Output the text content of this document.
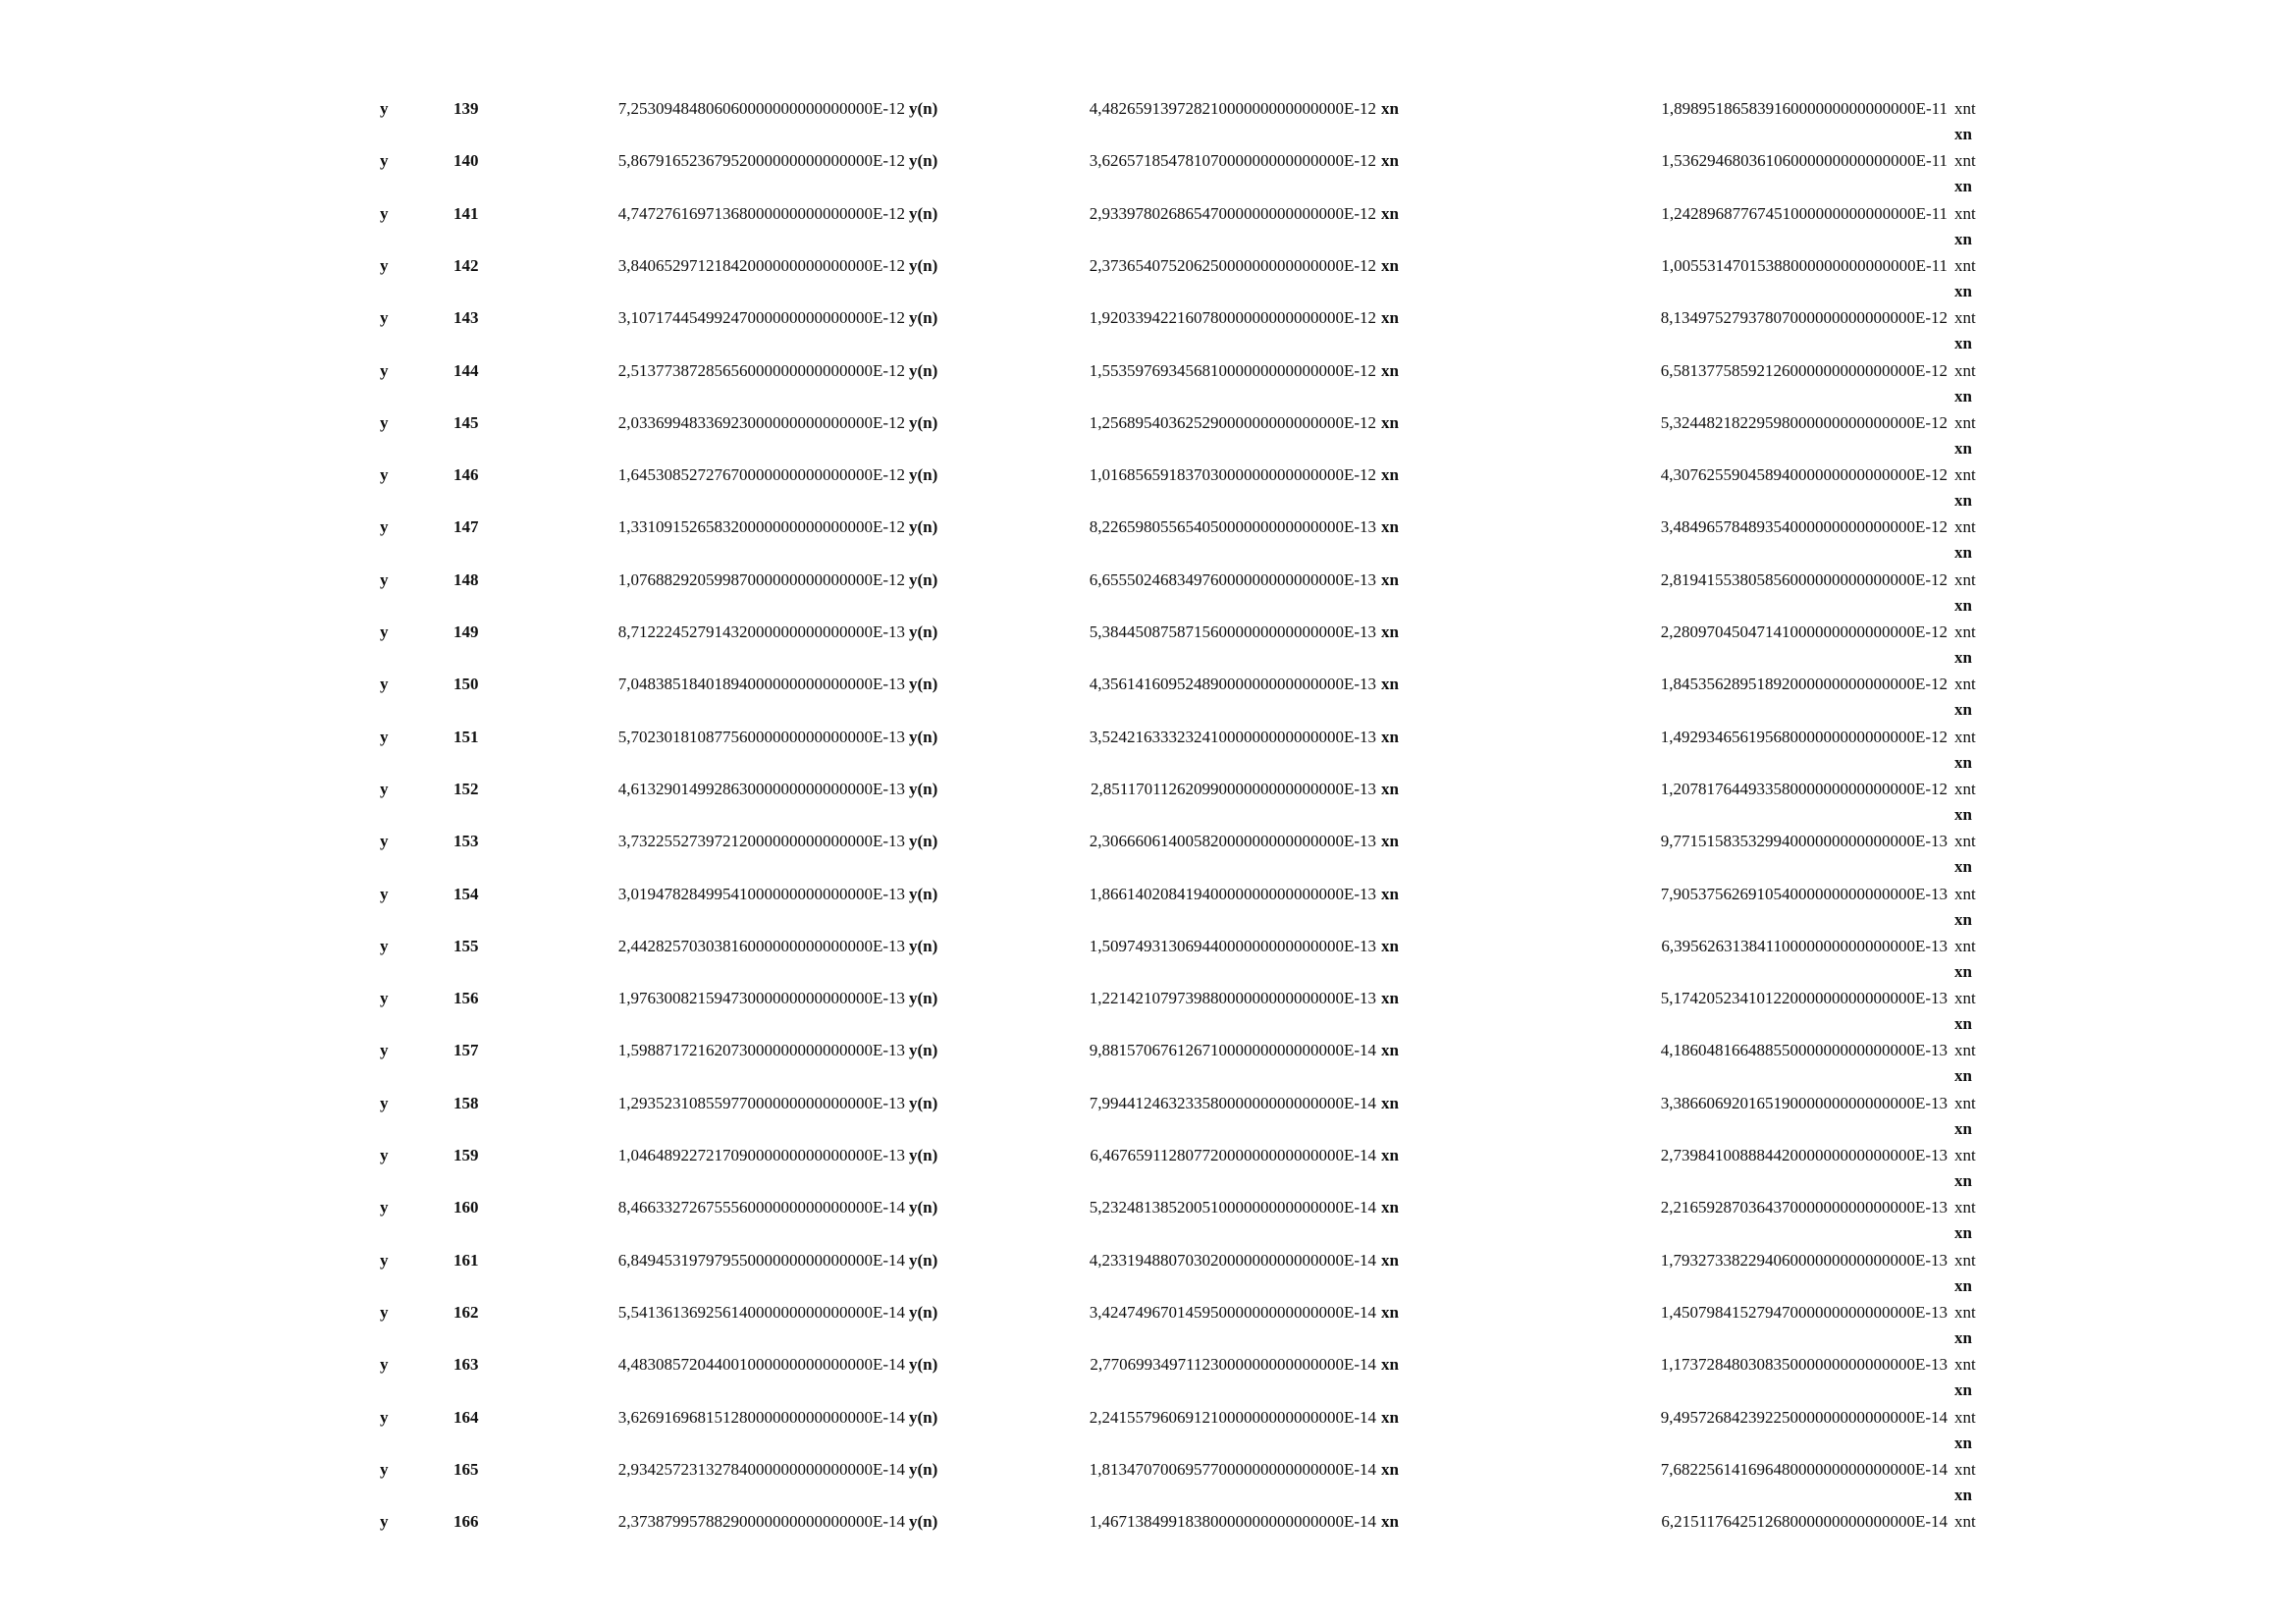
y	139	7,25309484806060000000000000000E-12 y(n)	4,48265913972821000000000000000E-12 xn	1,89895186583916000000000000000E-11 xnt
xn
y	140	5,86791652367952000000000000000E-12 y(n)	3,62657185478107000000000000000E-12 xn	1,53629468036106000000000000000E-11 xnt
xn
y	141	4,74727616971368000000000000000E-12 y(n)	2,93397802686547000000000000000E-12 xn	1,24289687767451000000000000000E-11 xnt
xn
y	142	3,84065297121842000000000000000E-12 y(n)	2,37365407520625000000000000000E-12 xn	1,00553147015388000000000000000E-11 xnt
xn
y	143	3,10717445499247000000000000000E-12 y(n)	1,92033942216078000000000000000E-12 xn	8,13497527937807000000000000000E-12 xnt
xn
y	144	2,51377387285656000000000000000E-12 y(n)	1,55359769345681000000000000000E-12 xn	6,58137758592126000000000000000E-12 xnt
xn
y	145	2,03369948336923000000000000000E-12 y(n)	1,25689540362529000000000000000E-12 xn	5,32448218229598000000000000000E-12 xnt
xn
y	146	1,64530852727670000000000000000E-12 y(n)	1,01685659183703000000000000000E-12 xn	4,30762559045894000000000000000E-12 xnt
xn
y	147	1,33109152658320000000000000000E-12 y(n)	8,22659805565405000000000000000E-13 xn	3,48496578489354000000000000000E-12 xnt
xn
y	148	1,07688292059987000000000000000E-12 y(n)	6,65550246834976000000000000000E-13 xn	2,81941553805856000000000000000E-12 xnt
xn
y	149	8,71222452791432000000000000000E-13 y(n)	5,38445087587156000000000000000E-13 xn	2,28097045047141000000000000000E-12 xnt
xn
y	150	7,04838518401894000000000000000E-13 y(n)	4,35614160952489000000000000000E-13 xn	1,84535628951892000000000000000E-12 xnt
xn
y	151	5,70230181087756000000000000000E-13 y(n)	3,52421633323241000000000000000E-13 xn	1,49293465619568000000000000000E-12 xnt
xn
y	152	4,61329014992863000000000000000E-13 y(n)	2,85117011262099000000000000000E-13 xn	1,20781764493358000000000000000E-12 xnt
xn
y	153	3,73225527397212000000000000000E-13 y(n)	2,30666061400582000000000000000E-13 xn	9,77151583532994000000000000000E-13 xnt
xn
y	154	3,01947828499541000000000000000E-13 y(n)	1,86614020841940000000000000000E-13 xn	7,90537562691054000000000000000E-13 xnt
xn
y	155	2,44282570303816000000000000000E-13 y(n)	1,50974931306944000000000000000E-13 xn	6,39562631384110000000000000000E-13 xnt
xn
y	156	1,97630082159473000000000000000E-13 y(n)	1,22142107973988000000000000000E-13 xn	5,17420523410122000000000000000E-13 xnt
xn
y	157	1,59887172162073000000000000000E-13 y(n)	9,88157067612671000000000000000E-14 xn	4,18604816648855000000000000000E-13 xnt
xn
y	158	1,29352310855977000000000000000E-13 y(n)	7,99441246323358000000000000000E-14 xn	3,38660692016519000000000000000E-13 xnt
xn
y	159	1,04648922721709000000000000000E-13 y(n)	6,46765911280772000000000000000E-14 xn	2,73984100888442000000000000000E-13 xnt
xn
y	160	8,46633272675556000000000000000E-14 y(n)	5,23248138520051000000000000000E-14 xn	2,21659287036437000000000000000E-13 xnt
xn
y	161	6,84945319797955000000000000000E-14 y(n)	4,23319488070302000000000000000E-14 xn	1,79327338229406000000000000000E-13 xnt
xn
y	162	5,54136136925614000000000000000E-14 y(n)	3,42474967014595000000000000000E-14 xn	1,45079841527947000000000000000E-13 xnt
xn
y	163	4,48308572044001000000000000000E-14 y(n)	2,77069934971123000000000000000E-14 xn	1,17372848030835000000000000000E-13 xnt
xn
y	164	3,62691696815128000000000000000E-14 y(n)	2,24155796069121000000000000000E-14 xn	9,49572684239225000000000000000E-14 xnt
xn
y	165	2,93425723132784000000000000000E-14 y(n)	1,81347070069577000000000000000E-14 xn	7,68225614169648000000000000000E-14 xnt
xn
y	166	2,37387995788290000000000000000E-14 y(n)	1,46713849918380000000000000000E-14 xn	6,21511764251268000000000000000E-14 xnt
